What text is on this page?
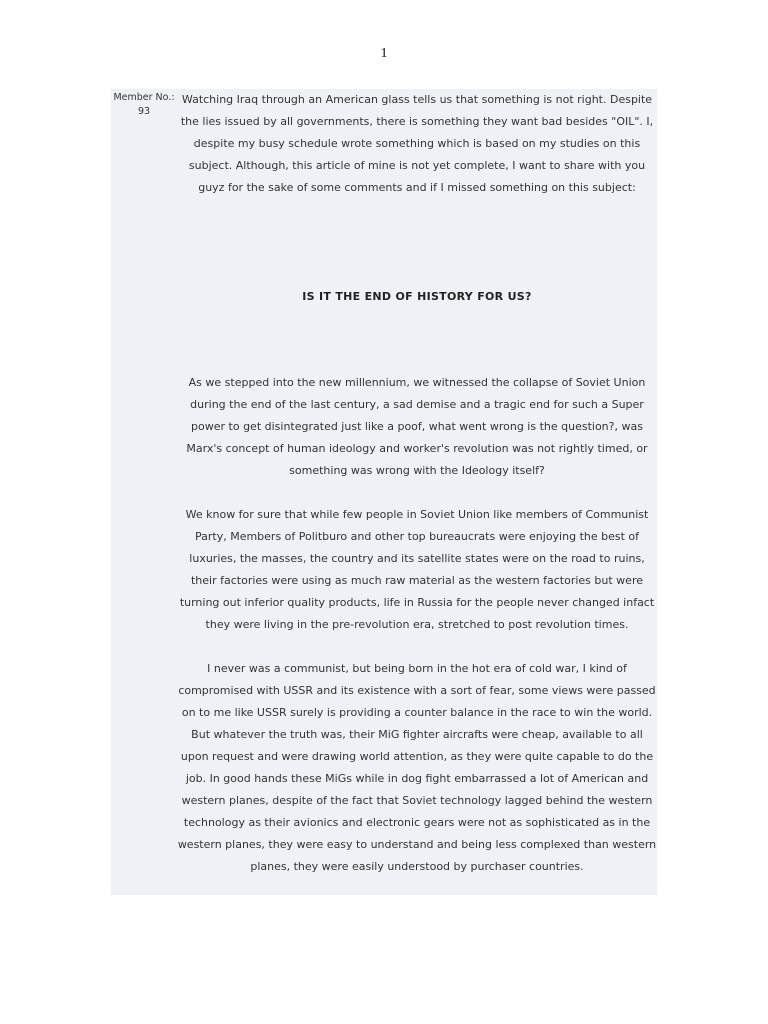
1
Member No.:
93

Watching Iraq through an American glass tells us that something is not right. Despite the lies issued by all governments, there is something they want bad besides "OIL". I, despite my busy schedule wrote something which is based on my studies on this subject. Although, this article of mine is not yet complete, I want to share with you guyz for the sake of some comments and if I missed something on this subject:

IS IT THE END OF HISTORY FOR US?

As we stepped into the new millennium, we witnessed the collapse of Soviet Union during the end of the last century, a sad demise and a tragic end for such a Super power to get disintegrated just like a poof, what went wrong is the question?, was Marx's concept of human ideology and worker's revolution was not rightly timed, or something was wrong with the Ideology itself?

We know for sure that while few people in Soviet Union like members of Communist Party, Members of Politburo and other top bureaucrats were enjoying the best of luxuries, the masses, the country and its satellite states were on the road to ruins, their factories were using as much raw material as the western factories but were turning out inferior quality products, life in Russia for the people never changed infact they were living in the pre-revolution era, stretched to post revolution times.

I never was a communist, but being born in the hot era of cold war, I kind of compromised with USSR and its existence with a sort of fear, some views were passed on to me like USSR surely is providing a counter balance in the race to win the world. But whatever the truth was, their MiG fighter aircrafts were cheap, available to all upon request and were drawing world attention, as they were quite capable to do the job. In good hands these MiGs while in dog fight embarrassed a lot of American and western planes, despite of the fact that Soviet technology lagged behind the western technology as their avionics and electronic gears were not as sophisticated as in the western planes, they were easy to understand and being less complexed than western planes, they were easily understood by purchaser countries.
